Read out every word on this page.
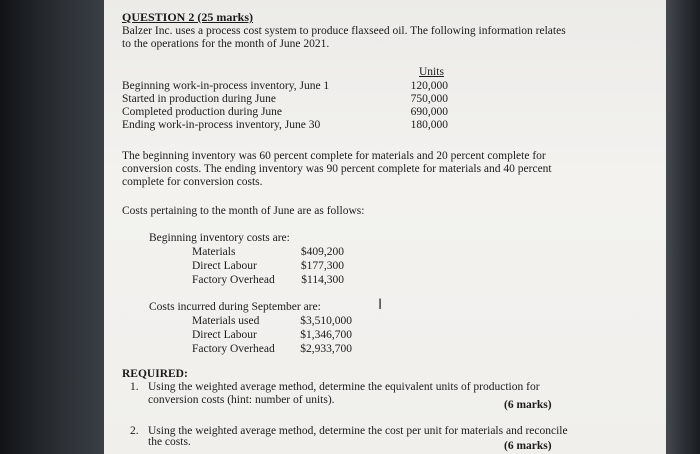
QUESTION 2 (25 marks)
Balzer Inc. uses a process cost system to produce flaxseed oil. The following information relates
to the operations for the month of June 2021.
Units
Beginning work-in-process inventory, June 1	120,000
Started in production during June	750,000
Completed production during June	690,000
Ending work-in-process inventory, June 30	180,000
The beginning inventory was 60 percent complete for materials and 20 percent complete for
conversion costs. The ending inventory was 90 percent complete for materials and 40 percent
complete for conversion costs.
Costs pertaining to the month of June are as follows:
Beginning inventory costs are:
Materials	$409,200
Direct Labour	$177,300
Factory Overhead	$114,300
Costs incurred during September are:
Materials used	$3,510,000
Direct Labour	$1,346,700
Factory Overhead	$2,933,700
I
REQUIRED:
1. Using the weighted average method, determine the equivalent units of production for
conversion costs (hint: number of units).	(6 marks)
2. Using the weighted average method, determine the cost per unit for materials and reconcile
the costs.	(6 marks)
